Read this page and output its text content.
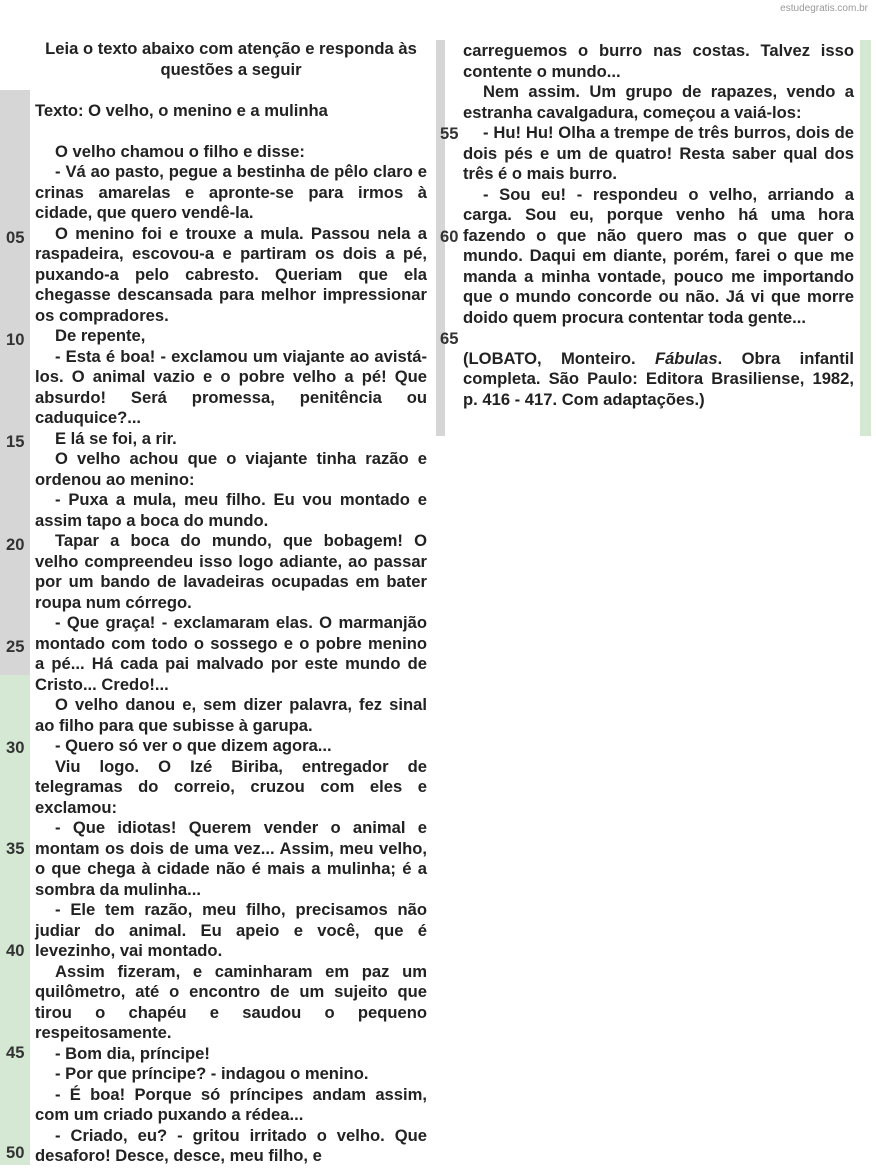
estudegratis.com.br

Leia o texto abaixo com atenção e responda às questões a seguir

Texto: O velho, o menino e a mulinha

O velho chamou o filho e disse:

- Vá ao pasto, pegue a bestinha de pêlo claro e crinas amarelas e apronte-se para irmos à cidade, que quero vendê-la.

O menino foi e trouxe a mula. Passou nela a raspadeira, escovou-a e partiram os dois a pé, puxando-a pelo cabresto. Queriam que ela chegasse descansada para melhor impressionar os compradores.

De repente,

- Esta é boa! - exclamou um viajante ao avistá-los. O animal vazio e o pobre velho a pé! Que absurdo! Será promessa, penitência ou caduquice?...

E lá se foi, a rir.

O velho achou que o viajante tinha razão e ordenou ao menino:

- Puxa a mula, meu filho. Eu vou montado e assim tapo a boca do mundo.

Tapar a boca do mundo, que bobagem! O velho compreendeu isso logo adiante, ao passar por um bando de lavadeiras ocupadas em bater roupa num córrego.

- Que graça! - exclamaram elas. O marmanjão montado com todo o sossego e o pobre menino a pé... Há cada pai malvado por este mundo de Cristo... Credo!...

O velho danou e, sem dizer palavra, fez sinal ao filho para que subisse à garupa.

- Quero só ver o que dizem agora...

Viu logo. O Izé Biriba, entregador de telegramas do correio, cruzou com eles e exclamou:

- Que idiotas! Querem vender o animal e montam os dois de uma vez... Assim, meu velho, o que chega à cidade não é mais a mulinha; é a sombra da mulinha...

- Ele tem razão, meu filho, precisamos não judiar do animal. Eu apeio e você, que é levezinho, vai montado.

Assim fizeram, e caminharam em paz um quilômetro, até o encontro de um sujeito que tirou o chapéu e saudou o pequeno respeitosamente.

- Bom dia, príncipe!

- Por que príncipe? - indagou o menino.

- É boa! Porque só príncipes andam assim, com um criado puxando a rédea...

- Criado, eu? - gritou irritado o velho. Que desaforo! Desce, desce, meu filho, e

carreguemos o burro nas costas. Talvez isso contente o mundo...

Nem assim. Um grupo de rapazes, vendo a estranha cavalgadura, começou a vaiá-los:

- Hu! Hu! Olha a trempe de três burros, dois de dois pés e um de quatro! Resta saber qual dos três é o mais burro.

- Sou eu! - respondeu o velho, arriando a carga. Sou eu, porque venho há uma hora fazendo o que não quero mas o que quer o mundo. Daqui em diante, porém, farei o que me manda a minha vontade, pouco me importando que o mundo concorde ou não. Já vi que morre doido quem procura contentar toda gente...

(LOBATO, Monteiro. Fábulas. Obra infantil completa. São Paulo: Editora Brasiliense, 1982, p. 416 - 417. Com adaptações.)

05
10
15
20
25
30
35
40
45
50
55
60
65
